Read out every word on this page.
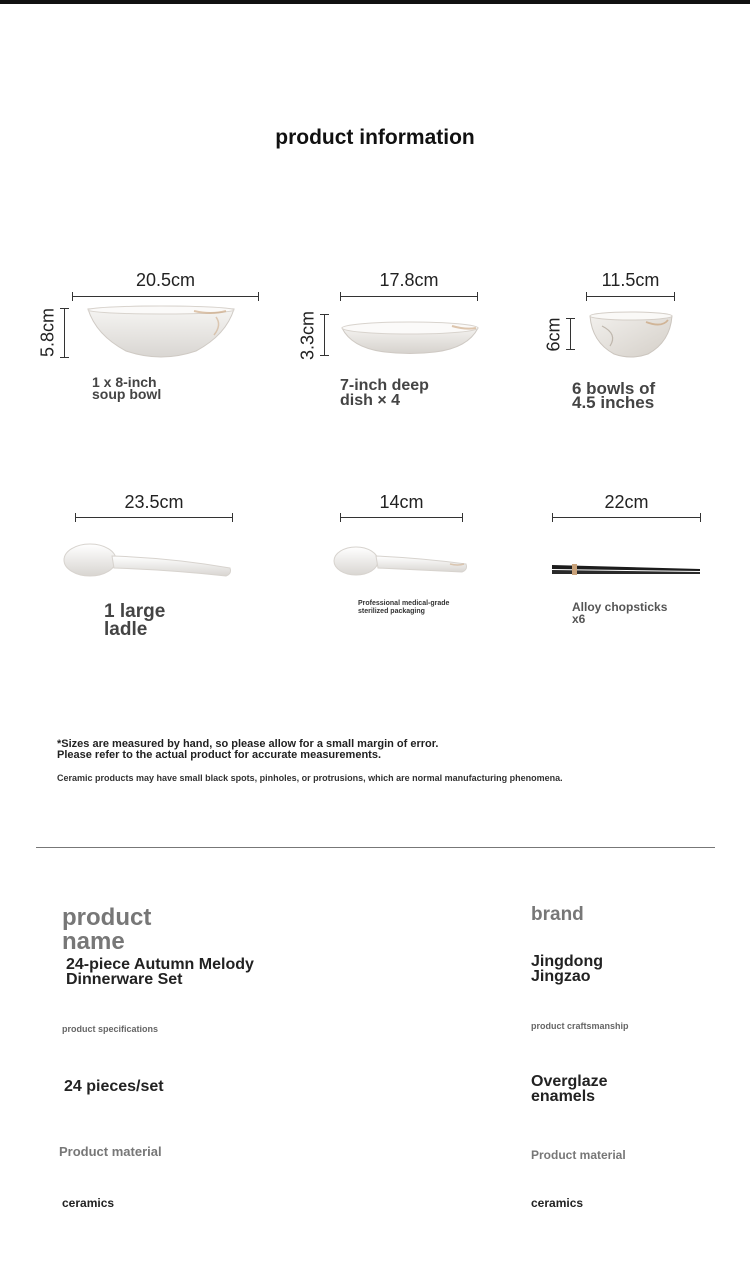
product information
20.5cm
5.8cm
1 x 8-inch
soup bowl
17.8cm
3.3cm
7-inch deep
dish × 4
11.5cm
6cm
6 bowls of
4.5 inches
23.5cm
1 large
ladle
14cm
Professional medical-grade
sterilized packaging
22cm
Alloy chopsticks
x6
*Sizes are measured by hand, so please allow for a small margin of error.
Please refer to the actual product for accurate measurements.
Ceramic products may have small black spots, pinholes, or protrusions, which are normal manufacturing phenomena.
product
name
24-piece Autumn Melody
Dinnerware Set
brand
Jingdong
Jingzao
product specifications
24 pieces/set
product craftsmanship
Overglaze
enamels
Product material
ceramics
Product material
ceramics
